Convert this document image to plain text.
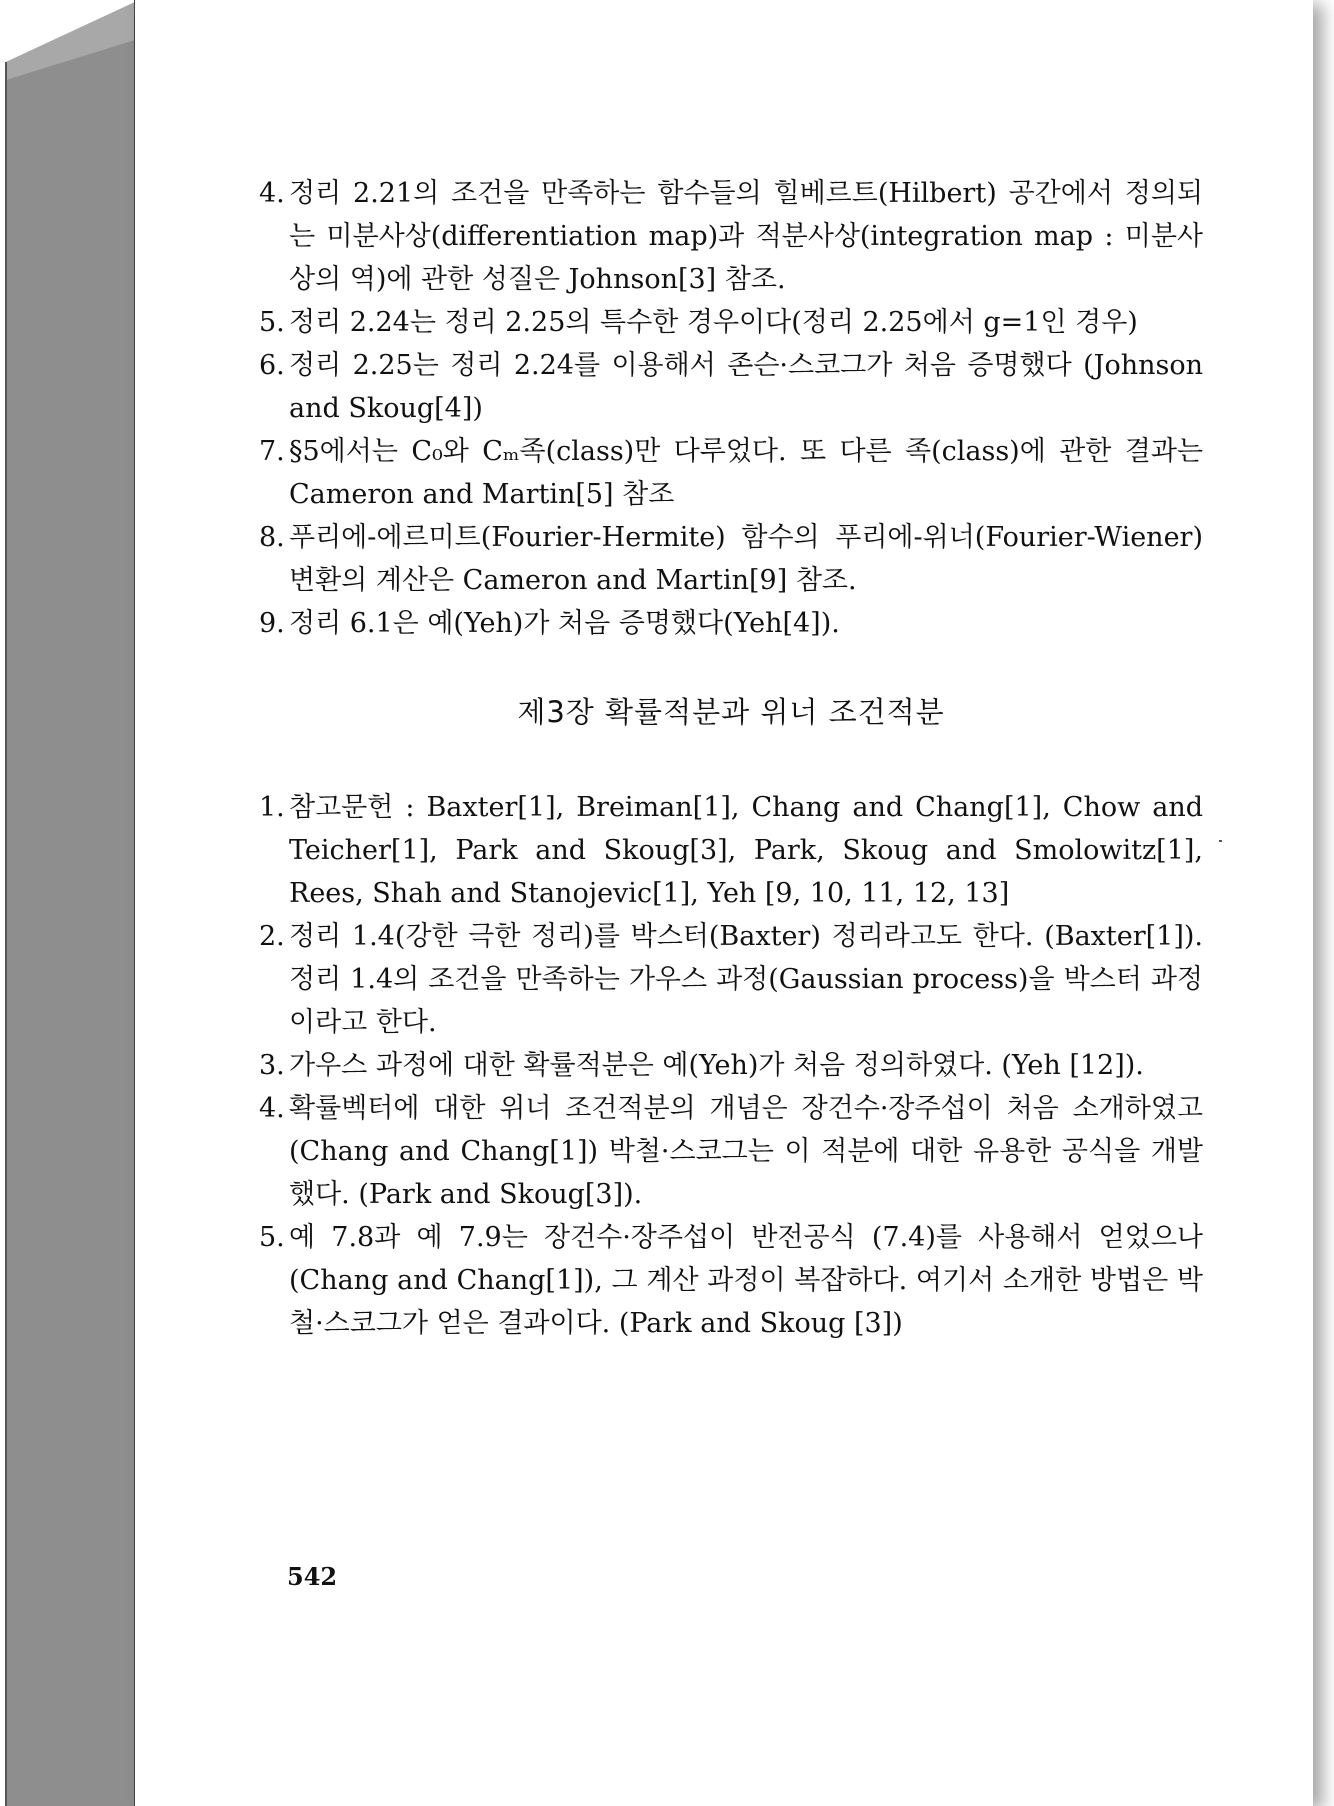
4. 정리 2.21의 조건을 만족하는 함수들의 힐베르트(Hilbert) 공간에서 정의되는 미분사상(differentiation map)과 적분사상(integration map : 미분사상의 역)에 관한 성질은 Johnson[3] 참조.

5. 정리 2.24는 정리 2.25의 특수한 경우이다(정리 2.25에서 g=1인 경우)

6. 정리 2.25는 정리 2.24를 이용해서 존슨·스코그가 처음 증명했다 (Johnson and Skoug[4])

7. §5에서는 C₀와 Cₘ족(class)만 다루었다. 또 다른 족(class)에 관한 결과는 Cameron and Martin[5] 참조

8. 푸리에-에르미트(Fourier-Hermite) 함수의 푸리에-위너(Fourier-Wiener) 변환의 계산은 Cameron and Martin[9] 참조.

9. 정리 6.1은 예(Yeh)가 처음 증명했다(Yeh[4]).

제3장 확률적분과 위너 조건적분

1. 참고문헌 : Baxter[1], Breiman[1], Chang and Chang[1], Chow and Teicher[1], Park and Skoug[3], Park, Skoug and Smolowitz[1], Rees, Shah and Stanojevic[1], Yeh [9, 10, 11, 12, 13]

2. 정리 1.4(강한 극한 정리)를 박스터(Baxter) 정리라고도 한다. (Baxter[1]). 정리 1.4의 조건을 만족하는 가우스 과정(Gaussian process)을 박스터 과정이라고 한다.

3. 가우스 과정에 대한 확률적분은 예(Yeh)가 처음 정의하였다. (Yeh [12]).

4. 확률벡터에 대한 위너 조건적분의 개념은 장건수·장주섭이 처음 소개하였고(Chang and Chang[1]) 박철·스코그는 이 적분에 대한 유용한 공식을 개발했다. (Park and Skoug[3]).

5. 예 7.8과 예 7.9는 장건수·장주섭이 반전공식 (7.4)를 사용해서 얻었으나(Chang and Chang[1]), 그 계산 과정이 복잡하다. 여기서 소개한 방법은 박철·스코그가 얻은 결과이다. (Park and Skoug [3])

542
